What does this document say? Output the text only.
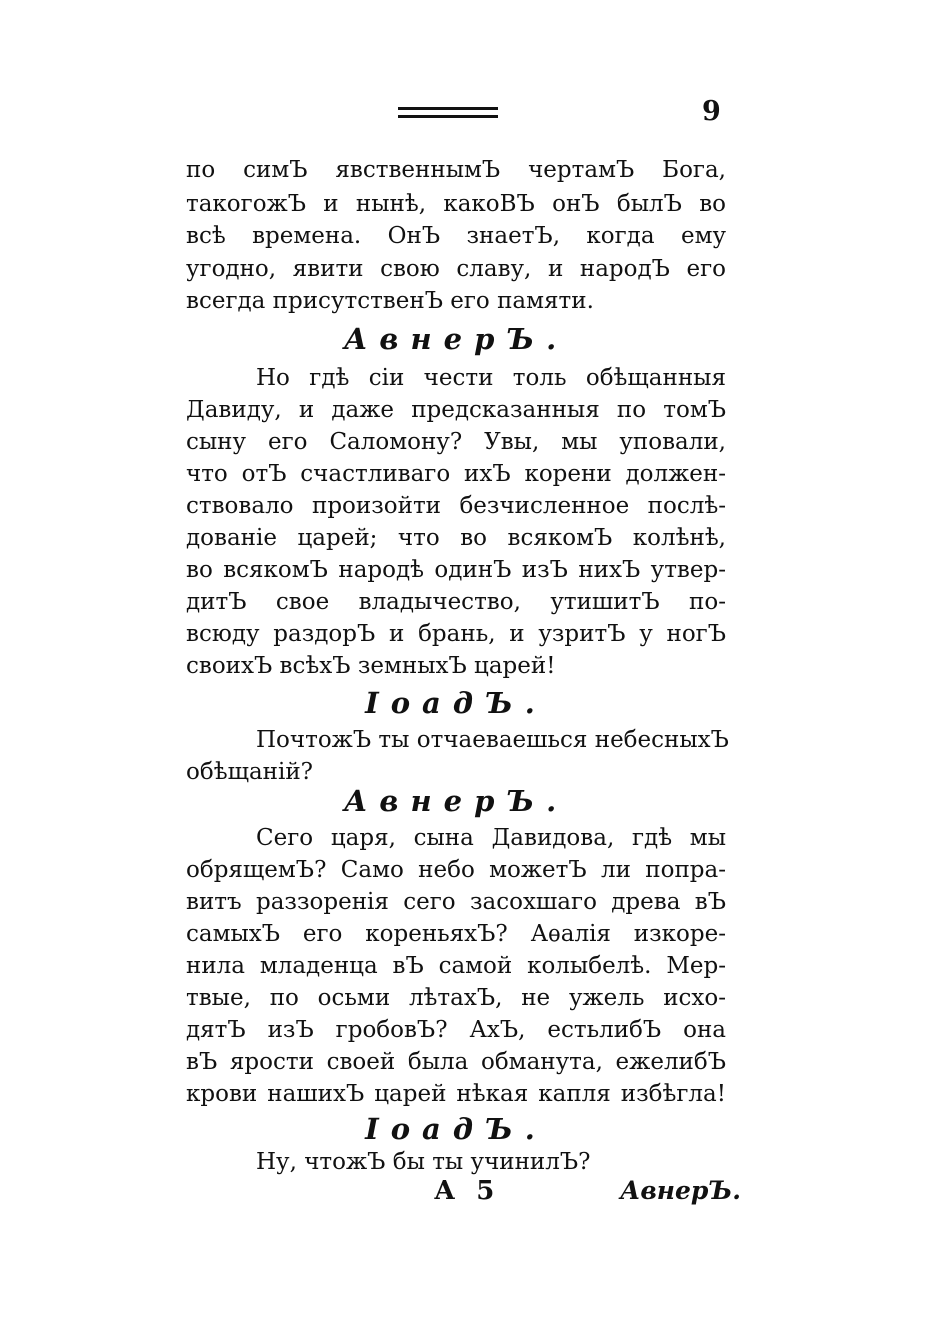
9
по симЪ явственнымЪ чертамЪ Бога,
такогожЪ и нынѣ, какоВЪ онЪ былЪ во
всѣ времена. ОнЪ знаетЪ, когда ему
угодно, явити свою славу, и народЪ его
всегда присутственЪ его памяти.
АвнерЪ.
Но гдѣ сіи чести толь обѣщанныя
Давиду, и даже предсказанныя по томЪ
сыну его Саломону? Увы, мы уповали,
что отЪ счастливаго ихЪ корени должен-
ствовало произойти безчисленное послѣ-
дованіе царей; что во всякомЪ колѣнѣ,
во всякомЪ народѣ одинЪ изЪ нихЪ утвер-
дитЪ свое владычество, утишитЪ по-
всюду раздорЪ и брань, и узритЪ у ногЪ
своихЪ всѣхЪ земныхЪ царей!
ІоадЪ.
ПочтожЪ ты отчаеваешься небесныхЪ
обѣщаній?
АвнерЪ.
Сего царя, сына Давидова, гдѣ мы
обрящемЪ? Само небо можетЪ ли попра-
витъ раззоренія сего засохшаго древа вЪ
самыхЪ его кореньяхЪ? Аѳалія изкоре-
нила младенца вЪ самой колыбелѣ. Мер-
твые, по осьми лѣтахЪ, не ужель исхо-
дятЪ изЪ гробовЪ? АхЪ, естьлибЪ она
вЪ ярости своей была обманута, ежелибЪ
крови нашихЪ царей нѣкая капля избѣгла!
ІоадЪ.
Ну, чтожЪ бы ты учинилЪ?
А 5	АвнерЪ.
